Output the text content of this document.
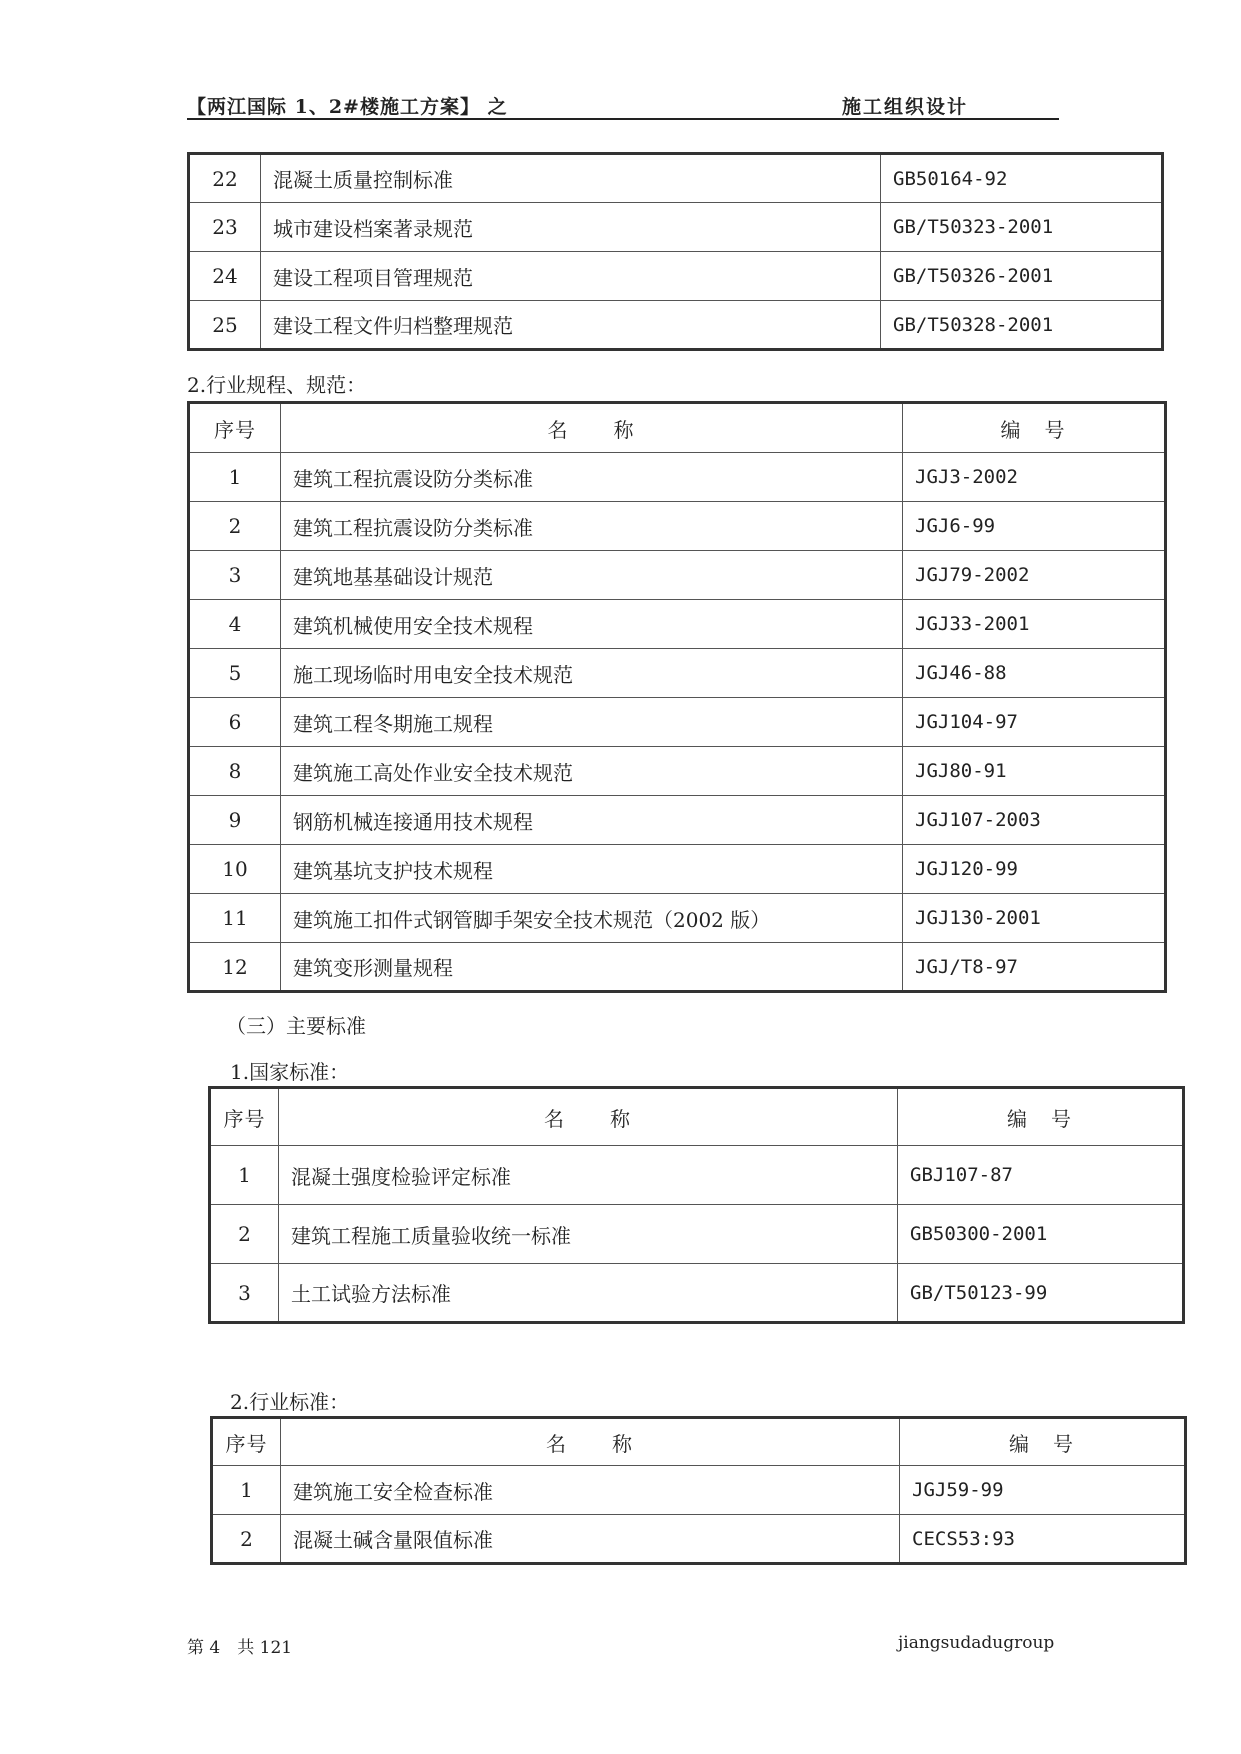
【两江国际 1、2#楼施工方案】 之	施工组织设计
22	混凝土质量控制标准	GB50164-92
23	城市建设档案著录规范	GB/T50323-2001
24	建设工程项目管理规范	GB/T50326-2001
25	建设工程文件归档整理规范	GB/T50328-2001
2.行业规程、规范：
序号	名　　称	编　号
1	建筑工程抗震设防分类标准	JGJ3-2002
2	建筑工程抗震设防分类标准	JGJ6-99
3	建筑地基基础设计规范	JGJ79-2002
4	建筑机械使用安全技术规程	JGJ33-2001
5	施工现场临时用电安全技术规范	JGJ46-88
6	建筑工程冬期施工规程	JGJ104-97
8	建筑施工高处作业安全技术规范	JGJ80-91
9	钢筋机械连接通用技术规程	JGJ107-2003
10	建筑基坑支护技术规程	JGJ120-99
11	建筑施工扣件式钢管脚手架安全技术规范（2002 版）	JGJ130-2001
12	建筑变形测量规程	JGJ/T8-97
（三）主要标准
1.国家标准：
序号	名　　称	编　号
1	混凝土强度检验评定标准	GBJ107-87
2	建筑工程施工质量验收统一标准	GB50300-2001
3	土工试验方法标准	GB/T50123-99
2.行业标准：
序号	名　　称	编　号
1	建筑施工安全检查标准	JGJ59-99
2	混凝土碱含量限值标准	CECS53:93
第 4　共 121	jiangsudadugroup
